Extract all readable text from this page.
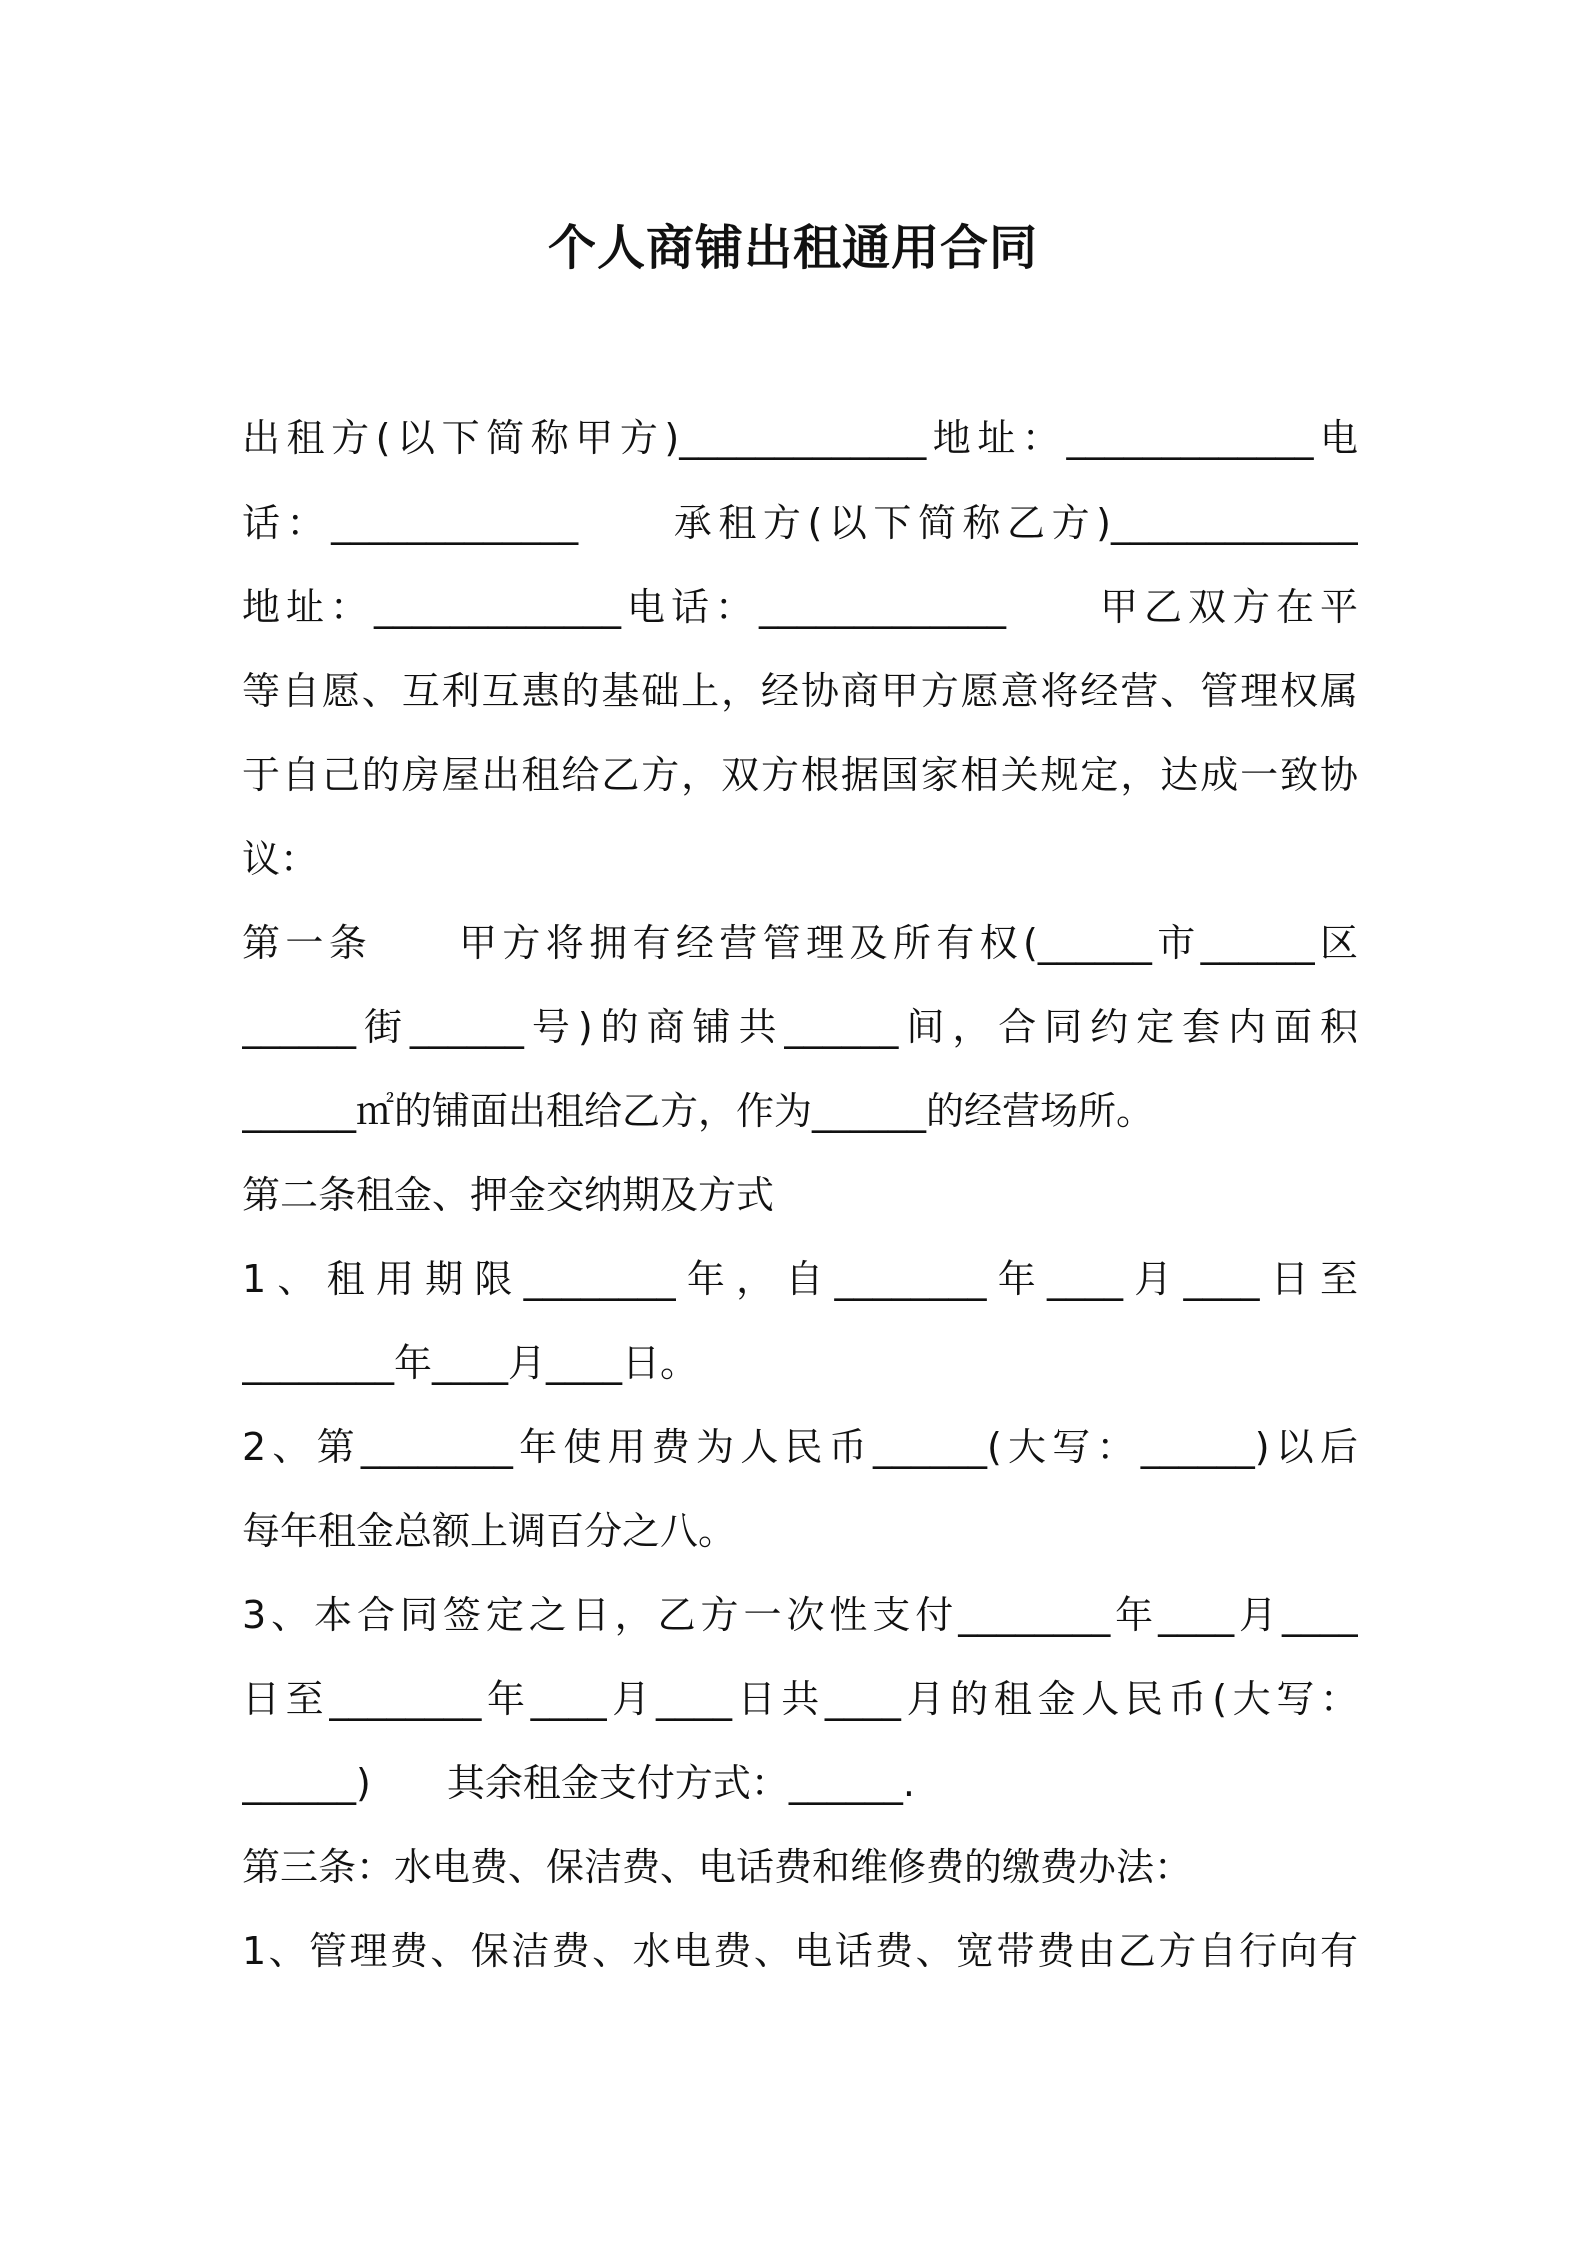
个人商铺出租通用合同
出租方(以下简称甲方)_____________地址：_____________电
话：_____________　　承租方(以下简称乙方)_____________
地址：_____________电话：_____________　　甲乙双方在平
等自愿、互利互惠的基础上，经协商甲方愿意将经营、管理权属
于自己的房屋出租给乙方，双方根据国家相关规定，达成一致协
议：
第一条　　甲方将拥有经营管理及所有权(______市______区
______街______号)的商铺共______间，合同约定套内面积
______㎡的铺面出租给乙方，作为______的经营场所。
第二条租金、押金交纳期及方式
1、租用期限________年，自________年____月____日至
________年____月____日。
2、第________年使用费为人民币______(大写：______)以后
每年租金总额上调百分之八。
3、本合同签定之日，乙方一次性支付________年____月____
日至________年____月____日共____月的租金人民币(大写：
______)　　其余租金支付方式：______.
第三条：水电费、保洁费、电话费和维修费的缴费办法：
1、管理费、保洁费、水电费、电话费、宽带费由乙方自行向有
